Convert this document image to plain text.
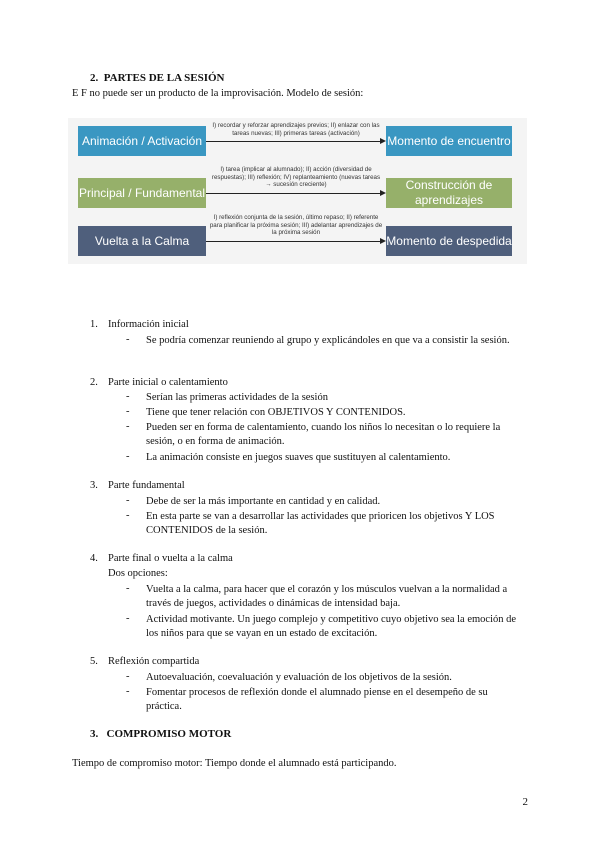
2. PARTES DE LA SESIÓN
E F no puede ser un producto de la improvisación. Modelo de sesión:
Animación / Activación
Principal / Fundamental
Vuelta a la Calma
Momento de encuentro
Construcción de aprendizajes
Momento de despedida
I) recordar y reforzar aprendizajes previos; II) enlazar con las tareas nuevas; III) primeras tareas (activación)
I) tarea (implicar al alumnado); II) acción (diversidad de respuestas); III) reflexión; IV) replanteamiento (nuevas tareas → sucesión creciente)
I) reflexión conjunta de la sesión, último repaso; II) referente para planificar la próxima sesión; III) adelantar aprendizajes de la próxima sesión
1. Información inicial
- Se podría comenzar reuniendo al grupo y explicándoles en que va a consistir la sesión.
2. Parte inicial o calentamiento
- Serían las primeras actividades de la sesión
- Tiene que tener relación con OBJETIVOS Y CONTENIDOS.
- Pueden ser en forma de calentamiento, cuando los niños lo necesitan o lo requiere la sesión, o en forma de animación.
- La animación consiste en juegos suaves que sustituyen al calentamiento.
3. Parte fundamental
- Debe de ser la más importante en cantidad y en calidad.
- En esta parte se van a desarrollar las actividades que prioricen los objetivos Y LOS CONTENIDOS de la sesión.
4. Parte final o vuelta a la calma
Dos opciones:
- Vuelta a la calma, para hacer que el corazón y los músculos vuelvan a la normalidad a través de juegos, actividades o dinámicas de intensidad baja.
- Actividad motivante. Un juego complejo y competitivo cuyo objetivo sea la emoción de los niños para que se vayan en un estado de excitación.
5. Reflexión compartida
- Autoevaluación, coevaluación y evaluación de los objetivos de la sesión.
- Fomentar procesos de reflexión donde el alumnado piense en el desempeño de su práctica.
3. COMPROMISO MOTOR
Tiempo de compromiso motor: Tiempo donde el alumnado está participando.
2
